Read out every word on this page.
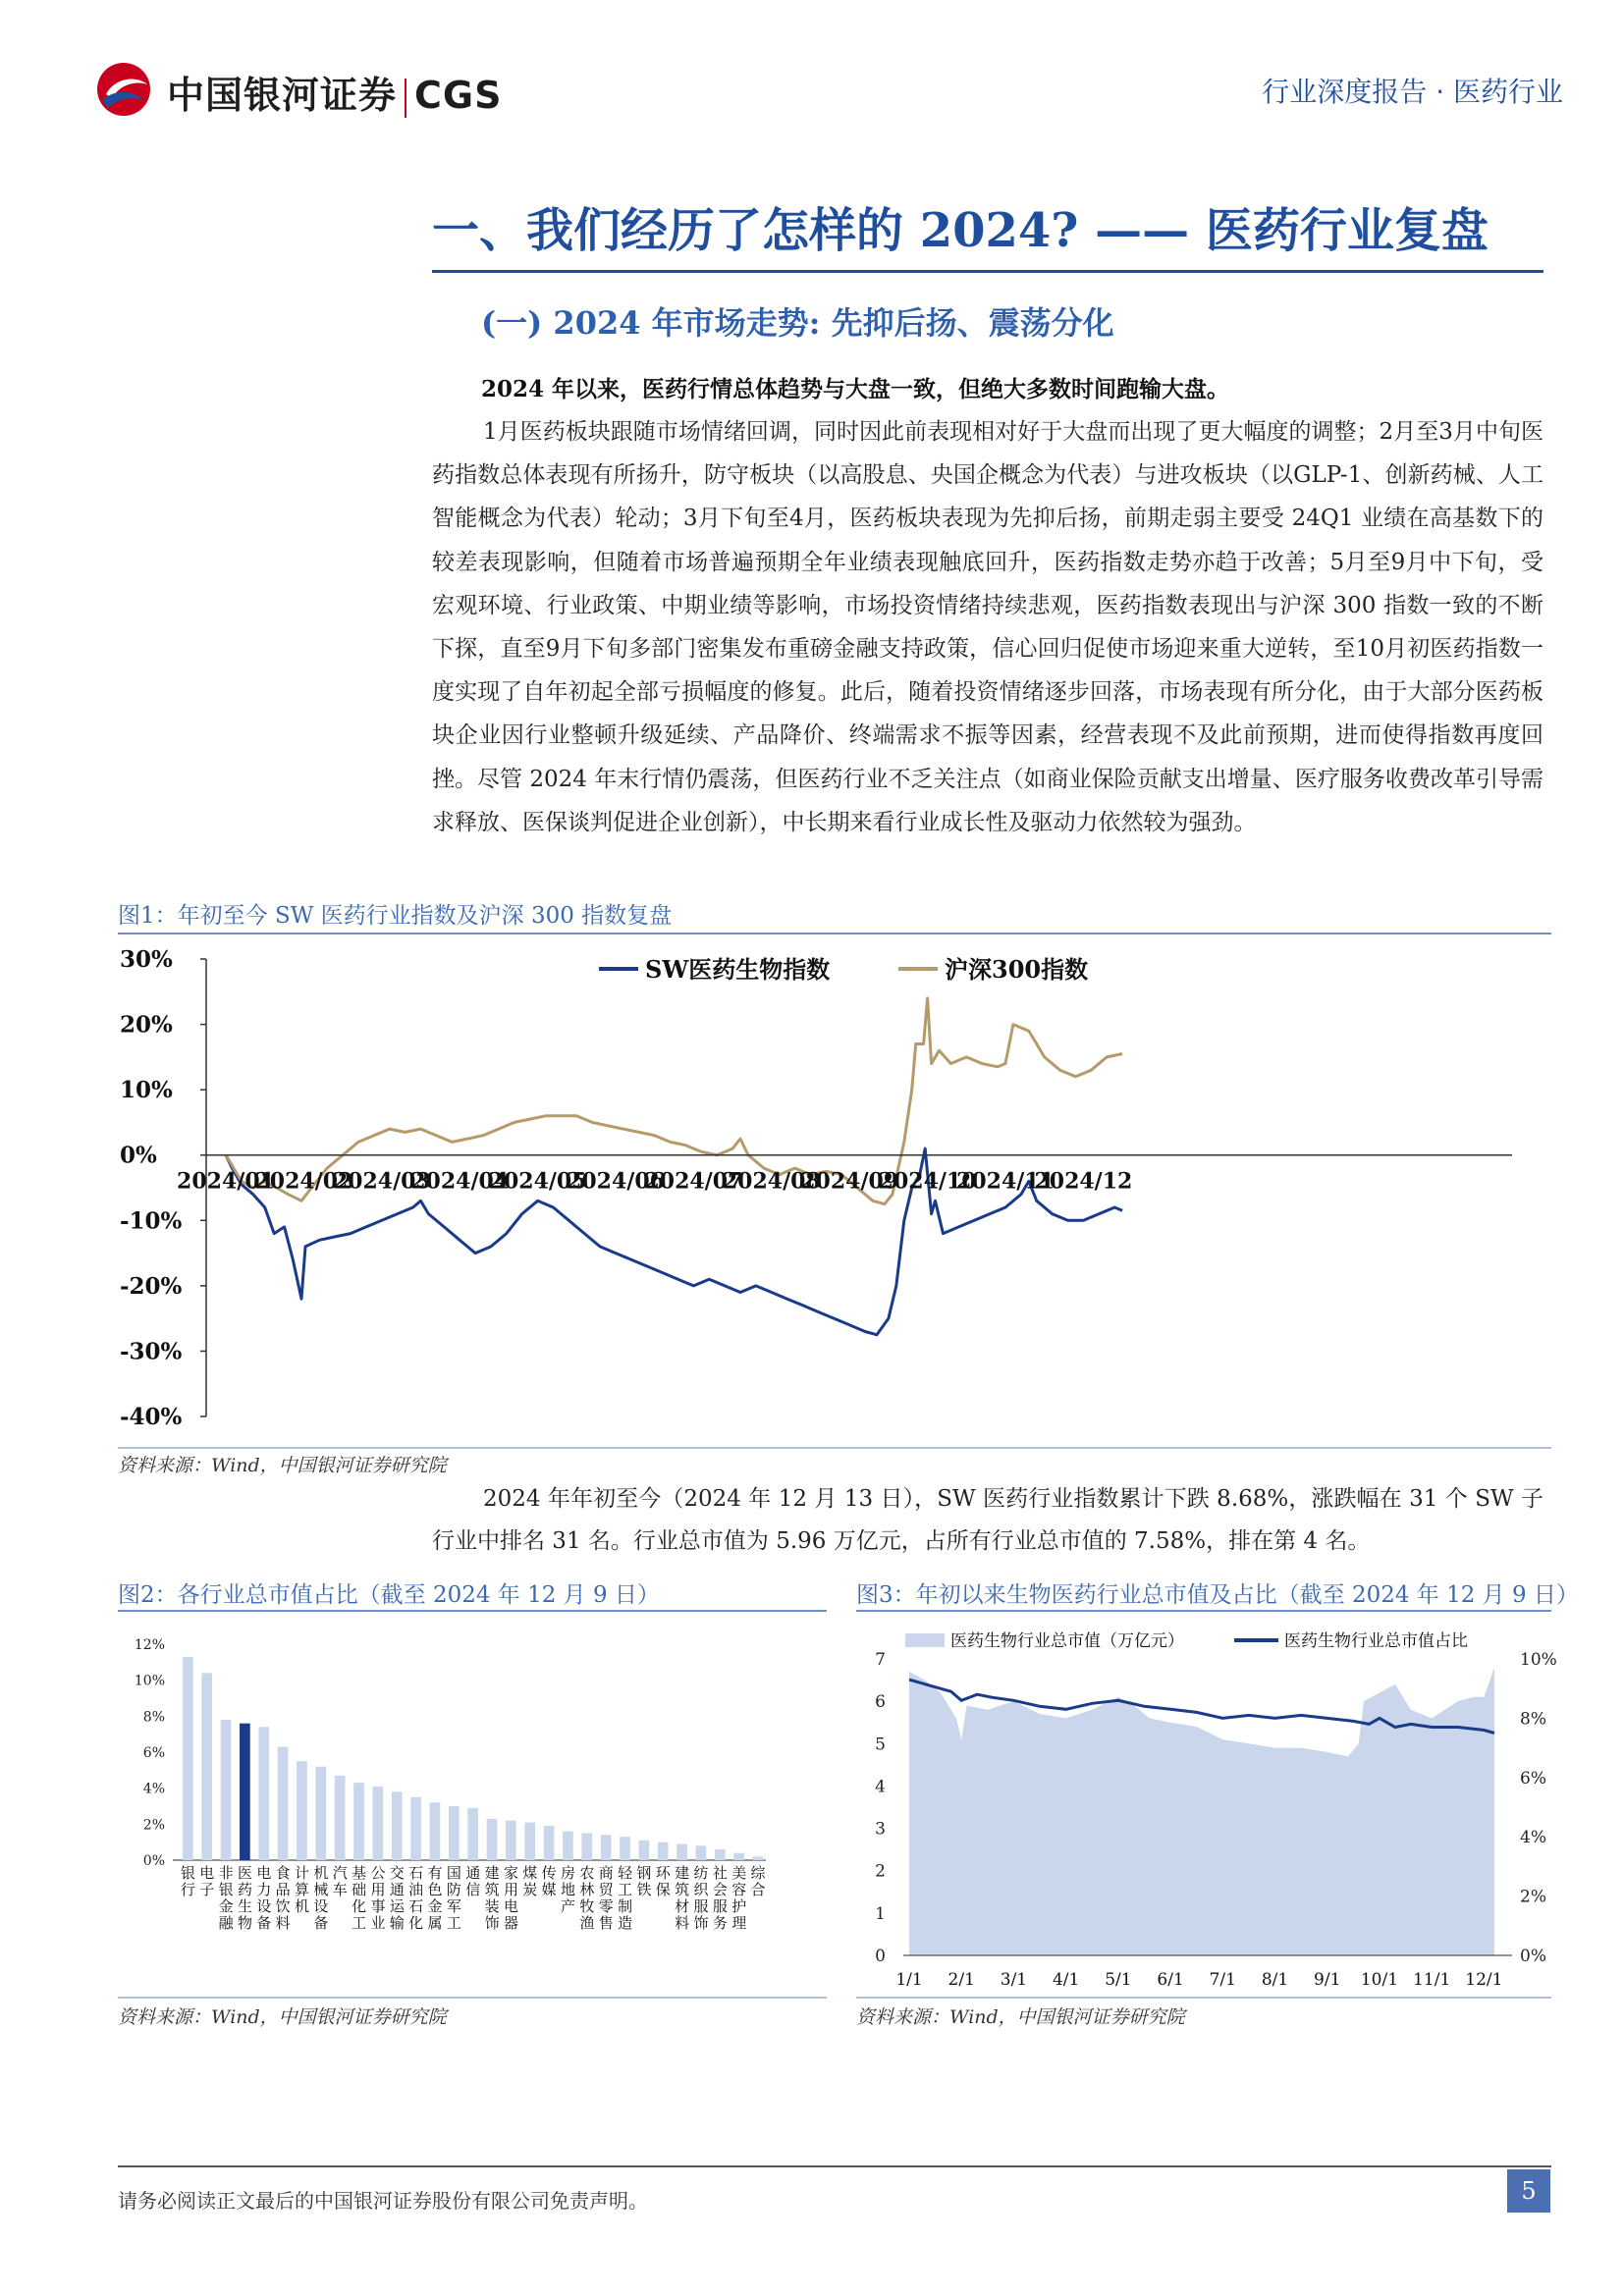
中国银河证券 CGS	行业深度报告 · 医药行业
一、我们经历了怎样的 2024? —— 医药行业复盘
(一) 2024 年市场走势: 先抑后扬、震荡分化
2024 年以来，医药行情总体趋势与大盘一致，但绝大多数时间跑输大盘。
1月医药板块跟随市场情绪回调，同时因此前表现相对好于大盘而出现了更大幅度的调整；2月至3月中旬医药指数总体表现有所扬升，防守板块（以高股息、央国企概念为代表）与进攻板块（以GLP-1、创新药械、人工智能概念为代表）轮动；3月下旬至4月，医药板块表现为先抑后扬，前期走弱主要受 24Q1 业绩在高基数下的较差表现影响，但随着市场普遍预期全年业绩表现触底回升，医药指数走势亦趋于改善；5月至9月中下旬，受宏观环境、行业政策、中期业绩等影响，市场投资情绪持续悲观，医药指数表现出与沪深 300 指数一致的不断下探，直至9月下旬多部门密集发布重磅金融支持政策，信心回归促使市场迎来重大逆转，至10月初医药指数一度实现了自年初起全部亏损幅度的修复。此后，随着投资情绪逐步回落，市场表现有所分化，由于大部分医药板块企业因行业整顿升级延续、产品降价、终端需求不振等因素，经营表现不及此前预期，进而使得指数再度回挫。尽管 2024 年末行情仍震荡，但医药行业不乏关注点（如商业保险贡献支出增量、医疗服务收费改革引导需求释放、医保谈判促进企业创新），中长期来看行业成长性及驱动力依然较为强劲。
图1：年初至今 SW 医药行业指数及沪深 300 指数复盘
30%
20%
10%
0%
-10%
-20%
-30%
-40%
2024/01
2024/02
2024/03
2024/04
2024/05
2024/06
2024/07
2024/08
2024/09
2024/10
2024/11
2024/12
SW医药生物指数	沪深300指数
资料来源：Wind，中国银河证券研究院
2024 年年初至今（2024 年 12 月 13 日），SW 医药行业指数累计下跌 8.68%，涨跌幅在 31 个 SW 子行业中排名 31 名。行业总市值为 5.96 万亿元，占所有行业总市值的 7.58%，排在第 4 名。
图2：各行业总市值占比（截至 2024 年 12 月 9 日）
12%
10%
8%
6%
4%
2%
0%
银行
电子
非银金融
医药生物
电力设备
食品饮料
计算机
机械设备
汽车
基础化工
公用事业
交通运输
石油石化
有色金属
国防军工
通信
建筑装饰
家用电器
煤炭
传媒
房地产
农林牧渔
商贸零售
轻工制造
钢铁
环保
建筑材料
纺织服饰
社会服务
美容护理
综合
资料来源：Wind，中国银河证券研究院
图3：年初以来生物医药行业总市值及占比（截至 2024 年 12 月 9 日）
7
6
5
4
3
2
1
0
10%
8%
6%
4%
2%
0%
1/1 2/1 3/1 4/1 5/1 6/1 7/1 8/1 9/1 10/1 11/1 12/1
医药生物行业总市值（万亿元）	医药生物行业总市值占比
资料来源：Wind，中国银河证券研究院
请务必阅读正文最后的中国银河证券股份有限公司免责声明。	5
